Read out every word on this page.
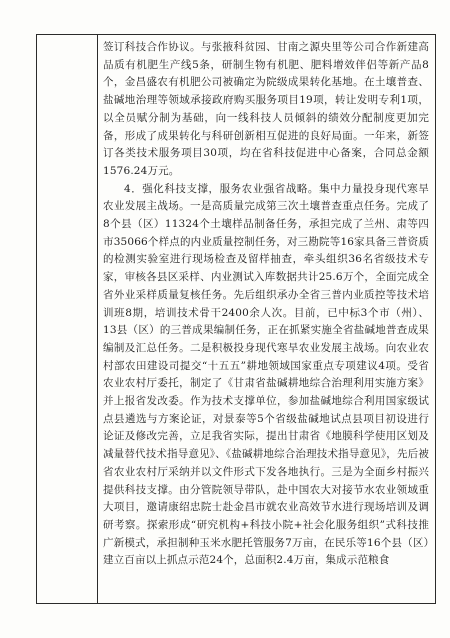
签订科技合作协议。与张掖科贫园、甘南之源央里等公司合作新建高品质有机肥生产线5条，研制生物有机肥、肥料增效伴侣等新产品8个，金昌盛农有机肥公司被确定为院级成果转化基地。在土壤普查、盐碱地治理等领域承接政府购买服务项目19项，转让发明专利1项，以全员赋分制为基础，向一线科技人员倾斜的绩效分配制度更加完备，形成了成果转化与科研创新相互促进的良好局面。一年来，新签订各类技术服务项目30项，均在省科技促进中心备案，合同总金额1576.24万元。

4．强化科技支撑，服务农业强省战略。集中力量投身现代寒旱农业发展主战场。一是高质量完成第三次土壤普查重点任务。完成了8个县（区）11324个土壤样品制备任务，承担完成了兰州、肃等四市35066个样点的内业质量控制任务，对三勘院等16家具备三普资质的检测实验室进行现场检查及留样抽查，牵头组织36名省级技术专家，审核各县区采样、内业测试入库数据共计25.6万个，全面完成全省外业采样质量复核任务。先后组织承办全省三普内业质控等技术培训班8期，培训技术骨干2400余人次。目前，已中标3个市（州）、13县（区）的三普成果编制任务，正在抓紧实施全省盐碱地普查成果编制及汇总任务。二是积极投身现代寒旱农业发展主战场。向农业农村部农田建设司提交“十五五”耕地领域国家重点专项建议4项。受省农业农村厅委托，制定了《甘肃省盐碱耕地综合治理利用实施方案》并上报省发改委。作为技术支撑单位，参加盐碱地综合利用国家级试点县遴选与方案论证，对景泰等5个省级盐碱地试点县项目初设进行论证及修改完善，立足我省实际，提出甘肃省《地膜科学使用区划及减量替代技术指导意见》、《盐碱耕地综合治理技术指导意见》，先后被省农业农村厅采纳并以文件形式下发各地执行。三是为全面乡村振兴提供科技支撑。由分管院领导带队，赴中国农大对接节水农业领域重大项目，邀请康绍忠院士赴金昌市就农业高效节水进行现场培训及调研考察。探索形成“研究机构+科技小院+社会化服务组织”式科技推广新模式，承担制种玉米水肥托管服务7万亩，在民乐等16个县（区）建立百亩以上抓点示范24个，总面积2.4万亩，集成示范粮食
